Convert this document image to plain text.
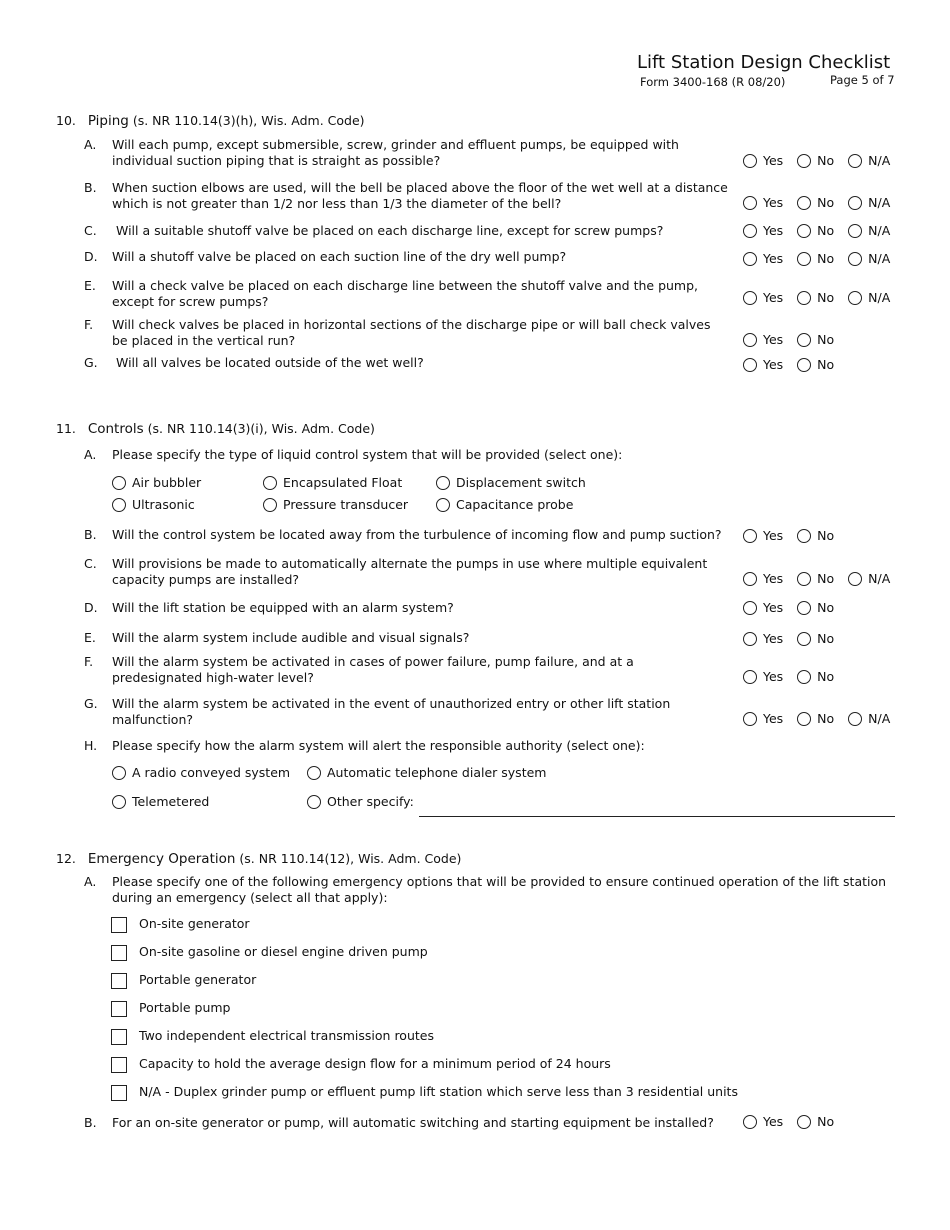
Lift Station Design Checklist
Form 3400-168 (R 08/20)	Page 5 of 7
10. Piping (s. NR 110.14(3)(h), Wis. Adm. Code)
A. Will each pump, except submersible, screw, grinder and effluent pumps, be equipped with individual suction piping that is straight as possible?	Yes	No	N/A
B. When suction elbows are used, will the bell be placed above the floor of the wet well at a distance which is not greater than 1/2 nor less than 1/3 the diameter of the bell?	Yes	No	N/A
C. Will a suitable shutoff valve be placed on each discharge line, except for screw pumps?	Yes	No	N/A
D. Will a shutoff valve be placed on each suction line of the dry well pump?	Yes	No	N/A
E. Will a check valve be placed on each discharge line between the shutoff valve and the pump, except for screw pumps?	Yes	No	N/A
F. Will check valves be placed in horizontal sections of the discharge pipe or will ball check valves be placed in the vertical run?	Yes	No
G. Will all valves be located outside of the wet well?	Yes	No
11. Controls (s. NR 110.14(3)(i), Wis. Adm. Code)
A. Please specify the type of liquid control system that will be provided (select one):
Air bubbler	Encapsulated Float	Displacement switch
Ultrasonic	Pressure transducer	Capacitance probe
B. Will the control system be located away from the turbulence of incoming flow and pump suction?	Yes	No
C. Will provisions be made to automatically alternate the pumps in use where multiple equivalent capacity pumps are installed?	Yes	No	N/A
D. Will the lift station be equipped with an alarm system?	Yes	No
E. Will the alarm system include audible and visual signals?	Yes	No
F. Will the alarm system be activated in cases of power failure, pump failure, and at a predesignated high-water level?	Yes	No
G. Will the alarm system be activated in the event of unauthorized entry or other lift station malfunction?	Yes	No	N/A
H. Please specify how the alarm system will alert the responsible authority (select one):
A radio conveyed system	Automatic telephone dialer system
Telemetered	Other specify:
12. Emergency Operation (s. NR 110.14(12), Wis. Adm. Code)
A. Please specify one of the following emergency options that will be provided to ensure continued operation of the lift station during an emergency (select all that apply):
On-site generator
On-site gasoline or diesel engine driven pump
Portable generator
Portable pump
Two independent electrical transmission routes
Capacity to hold the average design flow for a minimum period of 24 hours
N/A - Duplex grinder pump or effluent pump lift station which serve less than 3 residential units
B. For an on-site generator or pump, will automatic switching and starting equipment be installed?	Yes	No
